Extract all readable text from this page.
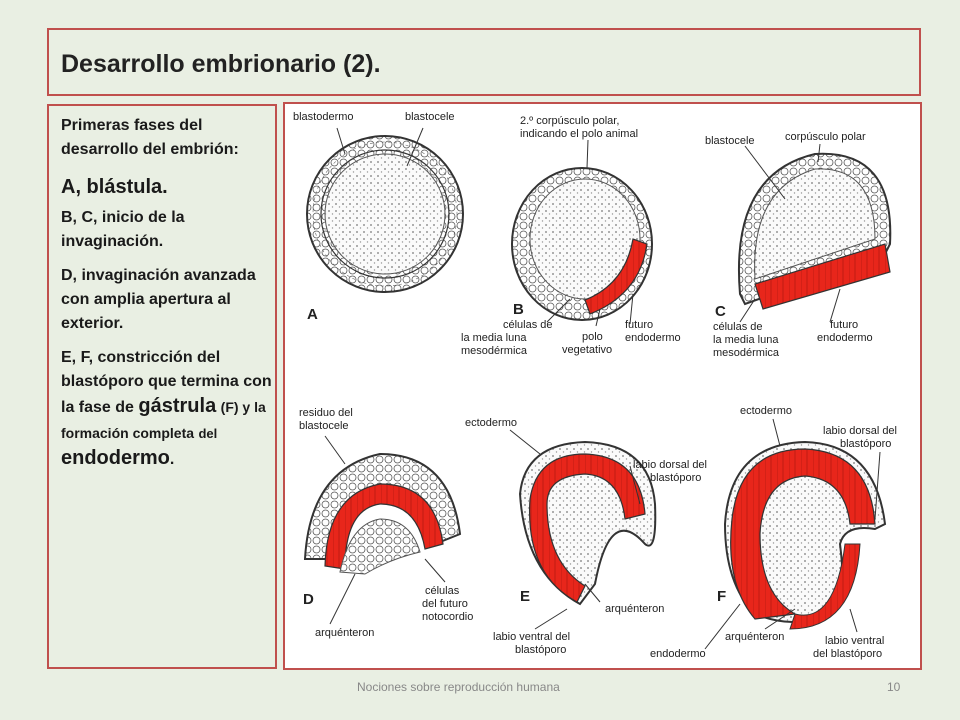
Desarrollo embrionario (2).
Primeras fases del desarrollo del embrión:
A, blástula.
B, C, inicio de la invaginación.
D, invaginación avanzada con amplia apertura al exterior.
E, F, constricción del blastóporo que termina con la fase de gástrula (F) y la formación completa del endodermo.
blastodermo	blastocele
A
2.º corpúsculo polar,
indicando el polo animal
B
células de
la media luna
mesodérmica
polo
vegetativo
futuro
endodermo
blastocele	corpúsculo polar
C
células de
la media luna
mesodérmica
futuro
endodermo
residuo del
blastocele
D
arquénteron
células
del futuro
notocordio
ectodermo
labio dorsal del
blastóporo
E
arquénteron
labio ventral del
blastóporo
ectodermo
labio dorsal del
blastóporo
F
arquénteron	labio ventral
del blastóporo
endodermo
Nociones sobre reproducción humana	10
